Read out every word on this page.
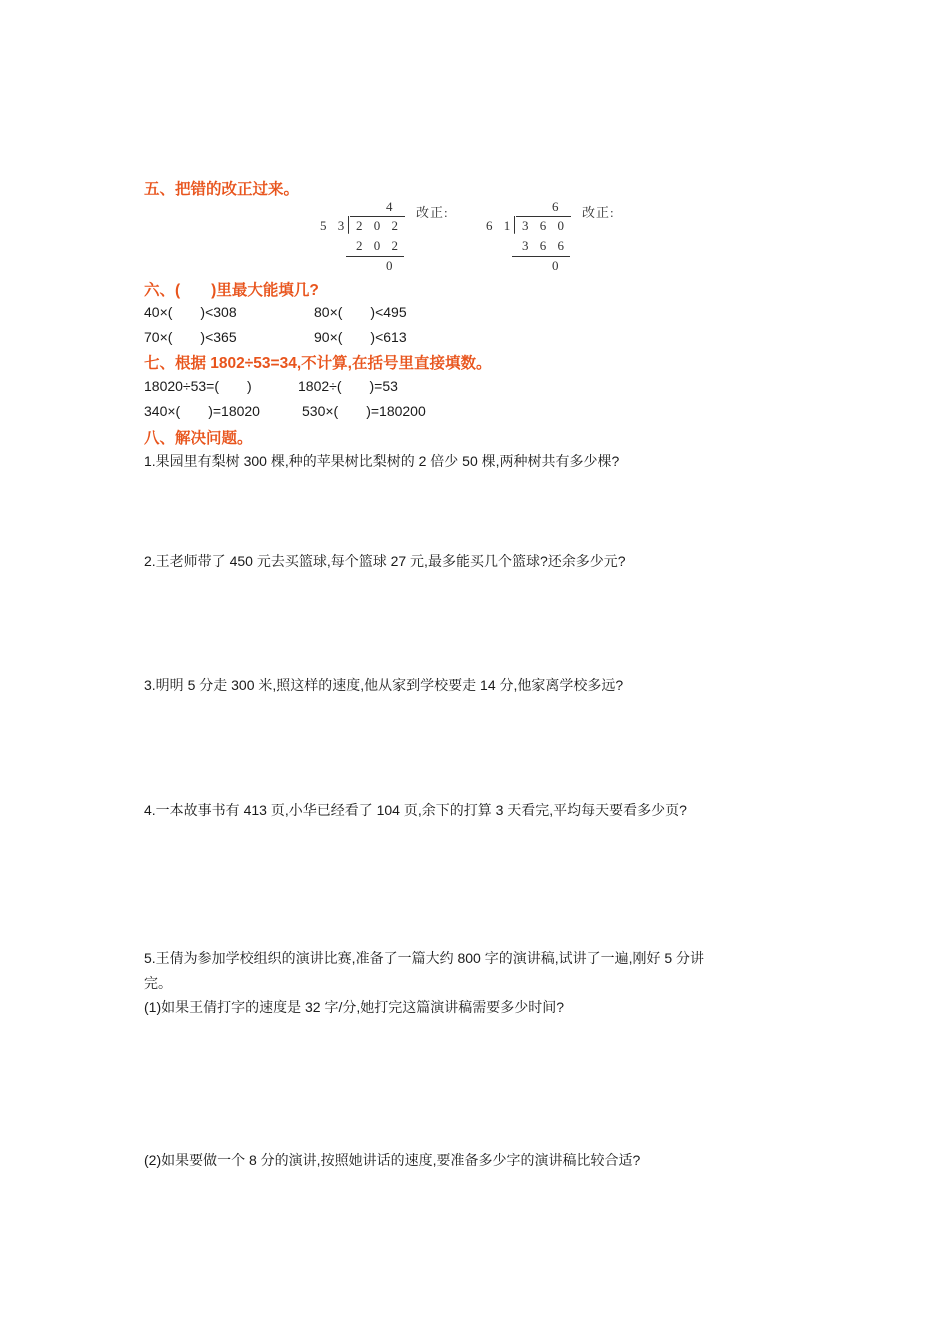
五、把错的改正过来。
4
5 3 2 0 2
2 0 2
0
改正:	6
6 1 3 6 0
3 6 6
0
改正:
六、(　　)里最大能填几?
40×(　　)<308	80×(　　)<495
70×(　　)<365	90×(　　)<613
七、根据 1802÷53=34,不计算,在括号里直接填数。
18020÷53=(　　)	1802÷(　　)=53
340×(　　)=18020	530×(　　)=180200
八、解决问题。
1.果园里有梨树 300 棵,种的苹果树比梨树的 2 倍少 50 棵,两种树共有多少棵?
2.王老师带了 450 元去买篮球,每个篮球 27 元,最多能买几个篮球?还余多少元?
3.明明 5 分走 300 米,照这样的速度,他从家到学校要走 14 分,他家离学校多远?
4.一本故事书有 413 页,小华已经看了 104 页,余下的打算 3 天看完,平均每天要看多少页?
5.王倩为参加学校组织的演讲比赛,准备了一篇大约 800 字的演讲稿,试讲了一遍,刚好 5 分讲
完。
(1)如果王倩打字的速度是 32 字/分,她打完这篇演讲稿需要多少时间?
(2)如果要做一个 8 分的演讲,按照她讲话的速度,要准备多少字的演讲稿比较合适?
